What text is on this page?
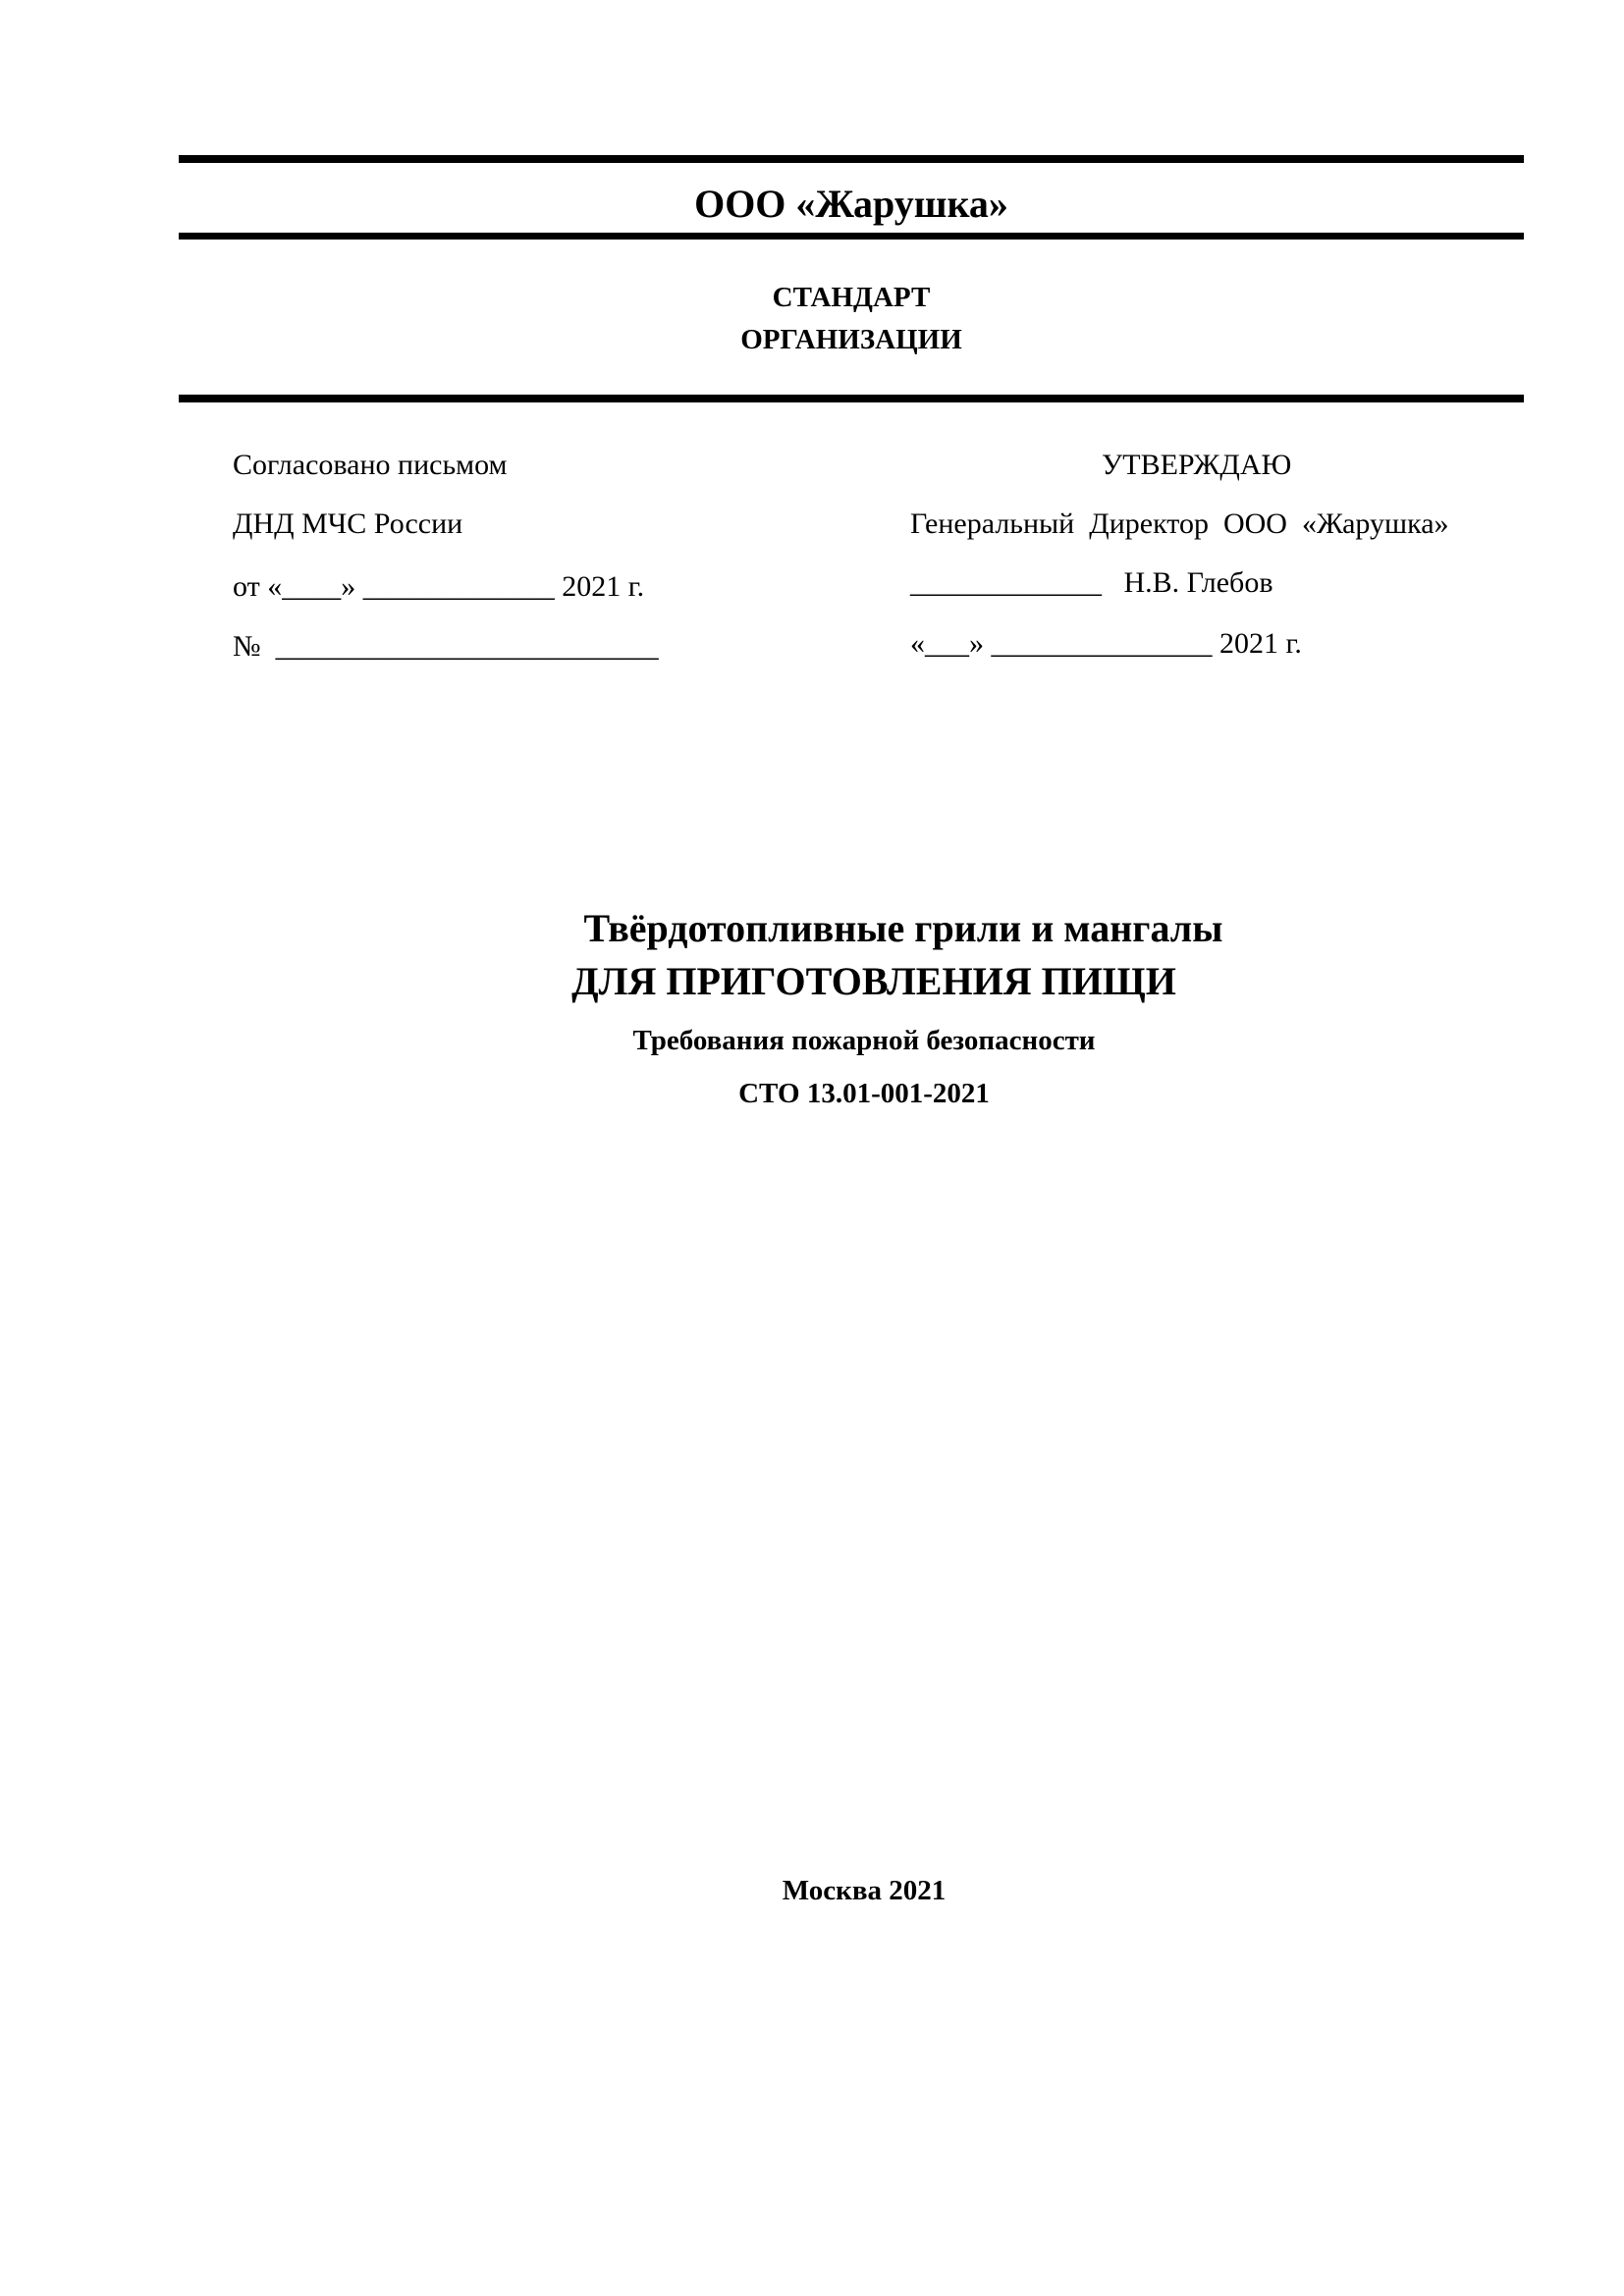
ООО «Жарушка»
СТАНДАРТ
ОРГАНИЗАЦИИ
Согласовано письмом
ДНД МЧС России
от «____» _____________ 2021 г.
№  __________________________
УТВЕРЖДАЮ
Генеральный  Директор  ООО  «Жарушка»
_____________   Н.В. Глебов
«___» _______________ 2021 г.
Твёрдотопливные грили и мангалы
ДЛЯ ПРИГОТОВЛЕНИЯ ПИЩИ
Требования пожарной безопасности
СТО 13.01-001-2021
Москва 2021
